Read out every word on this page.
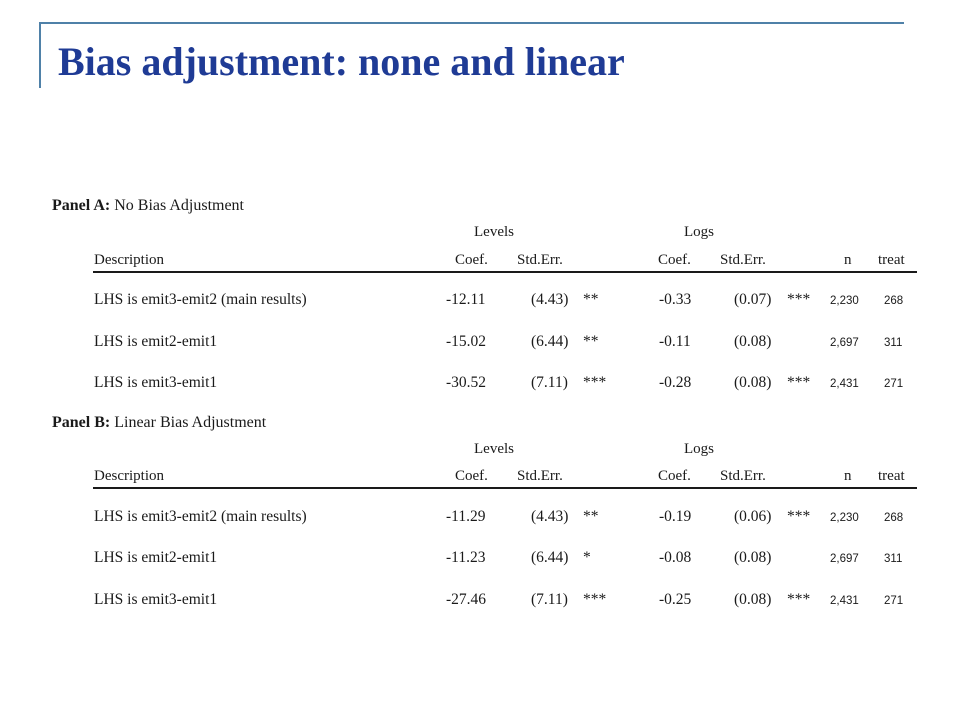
Bias adjustment: none and linear
Panel A: No Bias Adjustment
Levels	Logs
Description	Coef. Std.Err.	Coef. Std.Err.	n treat
LHS is emit3-emit2 (main results)	-12.11	(4.43) **	-0.33	(0.07) *** 2,230 268
LHS is emit2-emit1	-15.02	(6.44) **	-0.11	(0.08)	2,697 311
LHS is emit3-emit1	-30.52	(7.11) ***	-0.28	(0.08) *** 2,431 271
Panel B: Linear Bias Adjustment
Levels	Logs
Description	Coef. Std.Err.	Coef. Std.Err.	n treat
LHS is emit3-emit2 (main results)	-11.29	(4.43) **	-0.19	(0.06) *** 2,230 268
LHS is emit2-emit1	-11.23	(6.44) *	-0.08	(0.08)	2,697 311
LHS is emit3-emit1	-27.46	(7.11) ***	-0.25	(0.08) *** 2,431 271
